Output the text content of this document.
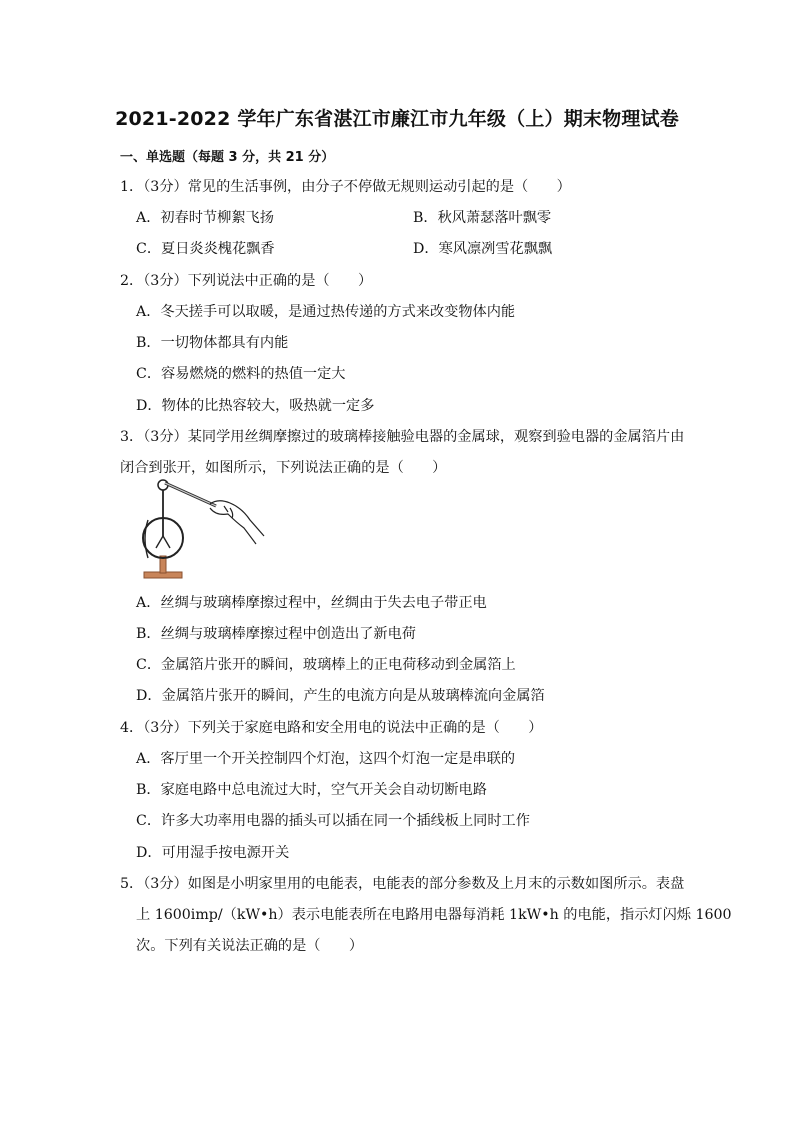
2021-2022 学年广东省湛江市廉江市九年级（上）期末物理试卷
一、单选题（每题 3 分，共 21 分）
1．（3分）常见的生活事例，由分子不停做无规则运动引起的是（　　）
A．初春时节柳絮飞扬	B．秋风萧瑟落叶飘零
C．夏日炎炎槐花飘香	D．寒风凛冽雪花飘飘
2．（3分）下列说法中正确的是（　　）
A．冬天搓手可以取暖，是通过热传递的方式来改变物体内能
B．一切物体都具有内能
C．容易燃烧的燃料的热值一定大
D．物体的比热容较大，吸热就一定多
3．（3分）某同学用丝绸摩擦过的玻璃棒接触验电器的金属球，观察到验电器的金属箔片由
闭合到张开，如图所示，下列说法正确的是（　　）
A．丝绸与玻璃棒摩擦过程中，丝绸由于失去电子带正电
B．丝绸与玻璃棒摩擦过程中创造出了新电荷
C．金属箔片张开的瞬间，玻璃棒上的正电荷移动到金属箔上
D．金属箔片张开的瞬间，产生的电流方向是从玻璃棒流向金属箔
4．（3分）下列关于家庭电路和安全用电的说法中正确的是（　　）
A．客厅里一个开关控制四个灯泡，这四个灯泡一定是串联的
B．家庭电路中总电流过大时，空气开关会自动切断电路
C．许多大功率用电器的插头可以插在同一个插线板上同时工作
D．可用湿手按电源开关
5．（3分）如图是小明家里用的电能表，电能表的部分参数及上月末的示数如图所示。表盘
上 1600imp/（kW•h）表示电能表所在电路用电器每消耗 1kW•h 的电能，指示灯闪烁 1600
次。下列有关说法正确的是（　　）
